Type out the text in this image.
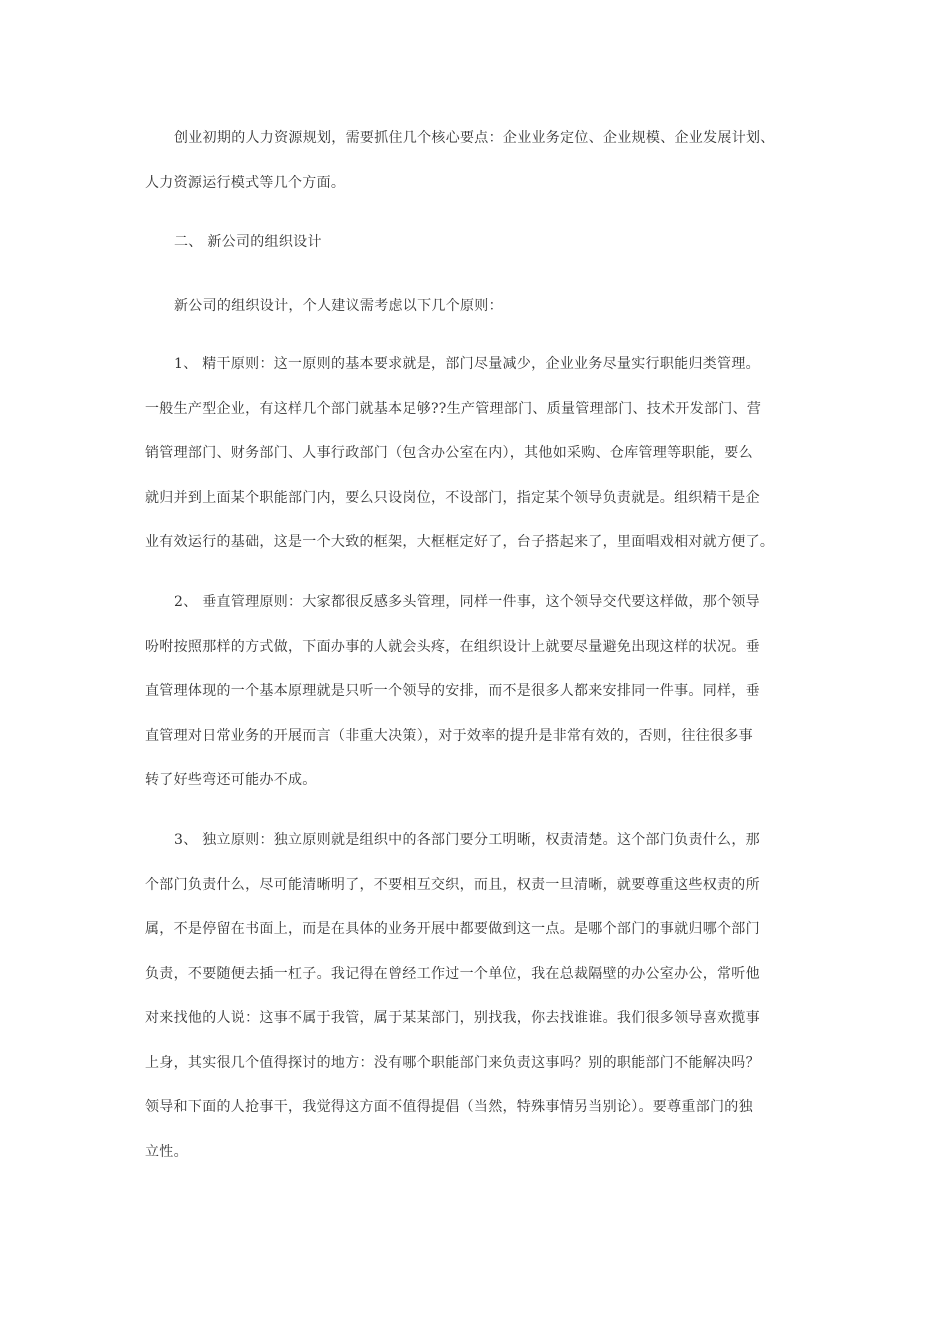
创业初期的人力资源规划，需要抓住几个核心要点：企业业务定位、企业规模、企业发展计划、
人力资源运行模式等几个方面。
二、 新公司的组织设计
新公司的组织设计，个人建议需考虑以下几个原则：
1、 精干原则：这一原则的基本要求就是，部门尽量减少，企业业务尽量实行职能归类管理。
一般生产型企业，有这样几个部门就基本足够??生产管理部门、质量管理部门、技术开发部门、营
销管理部门、财务部门、人事行政部门（包含办公室在内），其他如采购、仓库管理等职能，要么
就归并到上面某个职能部门内，要么只设岗位，不设部门，指定某个领导负责就是。组织精干是企
业有效运行的基础，这是一个大致的框架，大框框定好了，台子搭起来了，里面唱戏相对就方便了。
2、 垂直管理原则：大家都很反感多头管理，同样一件事，这个领导交代要这样做，那个领导
吩咐按照那样的方式做，下面办事的人就会头疼，在组织设计上就要尽量避免出现这样的状况。垂
直管理体现的一个基本原理就是只听一个领导的安排，而不是很多人都来安排同一件事。同样，垂
直管理对日常业务的开展而言（非重大决策），对于效率的提升是非常有效的，否则，往往很多事
转了好些弯还可能办不成。
3、 独立原则：独立原则就是组织中的各部门要分工明晰，权责清楚。这个部门负责什么，那
个部门负责什么，尽可能清晰明了，不要相互交织，而且，权责一旦清晰，就要尊重这些权责的所
属，不是停留在书面上，而是在具体的业务开展中都要做到这一点。是哪个部门的事就归哪个部门
负责，不要随便去插一杠子。我记得在曾经工作过一个单位，我在总裁隔壁的办公室办公，常听他
对来找他的人说：这事不属于我管，属于某某部门，别找我，你去找谁谁。我们很多领导喜欢揽事
上身，其实很几个值得探讨的地方：没有哪个职能部门来负责这事吗？别的职能部门不能解决吗？
领导和下面的人抢事干，我觉得这方面不值得提倡（当然，特殊事情另当别论）。要尊重部门的独
立性。
